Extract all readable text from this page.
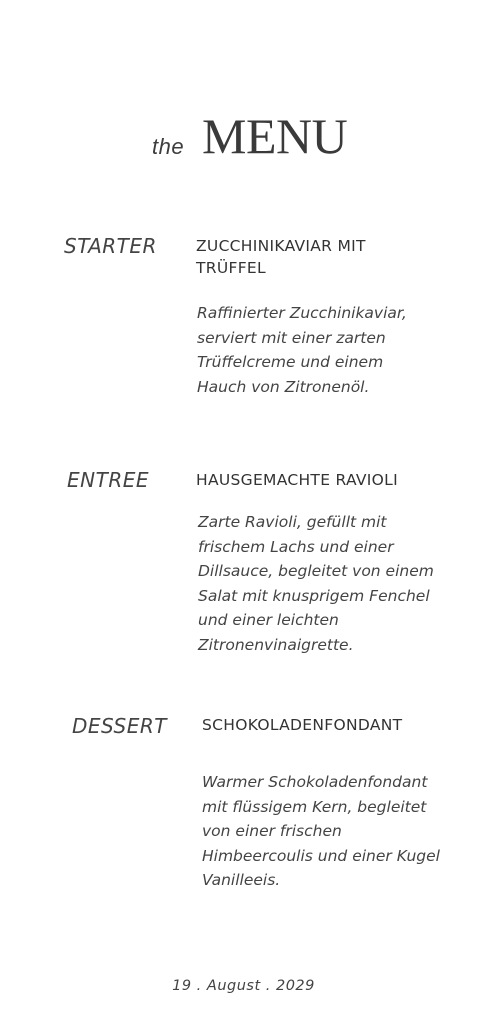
the MENU
STARTER	ZUCCHINIKAVIAR MIT TRÜFFEL
Raffinierter Zucchinikaviar, serviert mit einer zarten Trüffelcreme und einem Hauch von Zitronenöl.
ENTREE	HAUSGEMACHTE RAVIOLI
Zarte Ravioli, gefüllt mit frischem Lachs und einer Dillsauce, begleitet von einem Salat mit knusprigem Fenchel und einer leichten Zitronenvinaigrette.
DESSERT SCHOKOLADENFONDANT
Warmer Schokoladenfondant mit flüssigem Kern, begleitet von einer frischen Himbeercoulis und einer Kugel Vanilleeis.
19 . August . 2029
